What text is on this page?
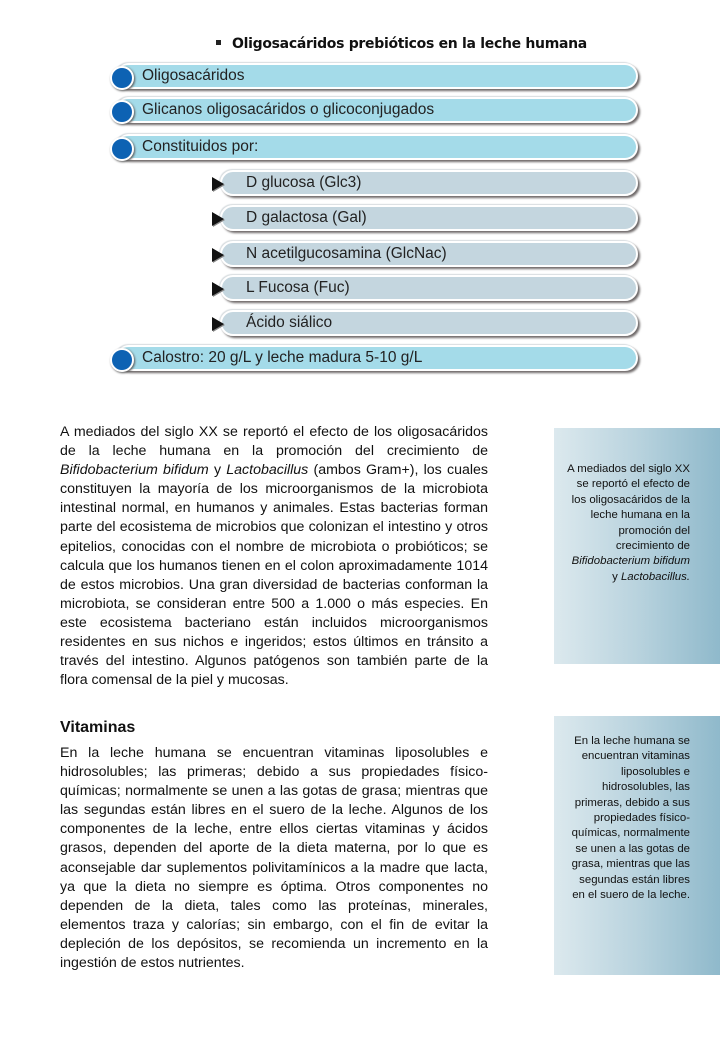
Oligosacáridos prebióticos en la leche humana
Oligosacáridos
Glicanos oligosacáridos o glicoconjugados
Constituidos por:
D glucosa (Glc3)
D galactosa (Gal)
N acetilgucosamina (GlcNac)
L Fucosa (Fuc)
Ácido siálico
Calostro: 20 g/L y leche madura 5-10 g/L
A mediados del siglo XX se reportó el efecto de los oligosacáridos de la leche humana en la promoción del crecimiento de Bifidobacterium bifidum y Lactobacillus (ambos Gram+), los cuales constituyen la mayoría de los microorganismos de la microbiota intestinal normal, en humanos y animales. Estas bacterias forman parte del ecosistema de microbios que colonizan el intestino y otros epitelios, conocidas con el nombre de microbiota o probióticos; se calcula que los humanos tienen en el colon aproximadamente 1014 de estos microbios. Una gran diversidad de bacterias conforman la microbiota, se consideran entre 500 a 1.000 o más especies. En este ecosistema bacteriano están incluidos microorganismos residentes en sus nichos e ingeridos; estos últimos en tránsito a través del intestino. Algunos patógenos son también parte de la flora comensal de la piel y mucosas.
Vitaminas
En la leche humana se encuentran vitaminas liposolubles e hidrosolubles; las primeras; debido a sus propiedades físico-químicas; normalmente se unen a las gotas de grasa; mientras que las segundas están libres en el suero de la leche. Algunos de los componentes de la leche, entre ellos ciertas vitaminas y ácidos grasos, dependen del aporte de la dieta materna, por lo que es aconsejable dar suplementos polivitamínicos a la madre que lacta, ya que la dieta no siempre es óptima. Otros componentes no dependen de la dieta, tales como las proteínas, minerales, elementos traza y calorías; sin embargo, con el fin de evitar la depleción de los depósitos, se recomienda un incremento en la ingestión de estos nutrientes.
A mediados del siglo XX se reportó el efecto de los oligosacáridos de la leche humana en la promoción del crecimiento de Bifidobacterium bifidum y Lactobacillus.
En la leche humana se encuentran vitaminas liposolubles e hidrosolubles, las primeras, debido a sus propiedades físico-químicas, normalmente se unen a las gotas de grasa, mientras que las segundas están libres en el suero de la leche.
